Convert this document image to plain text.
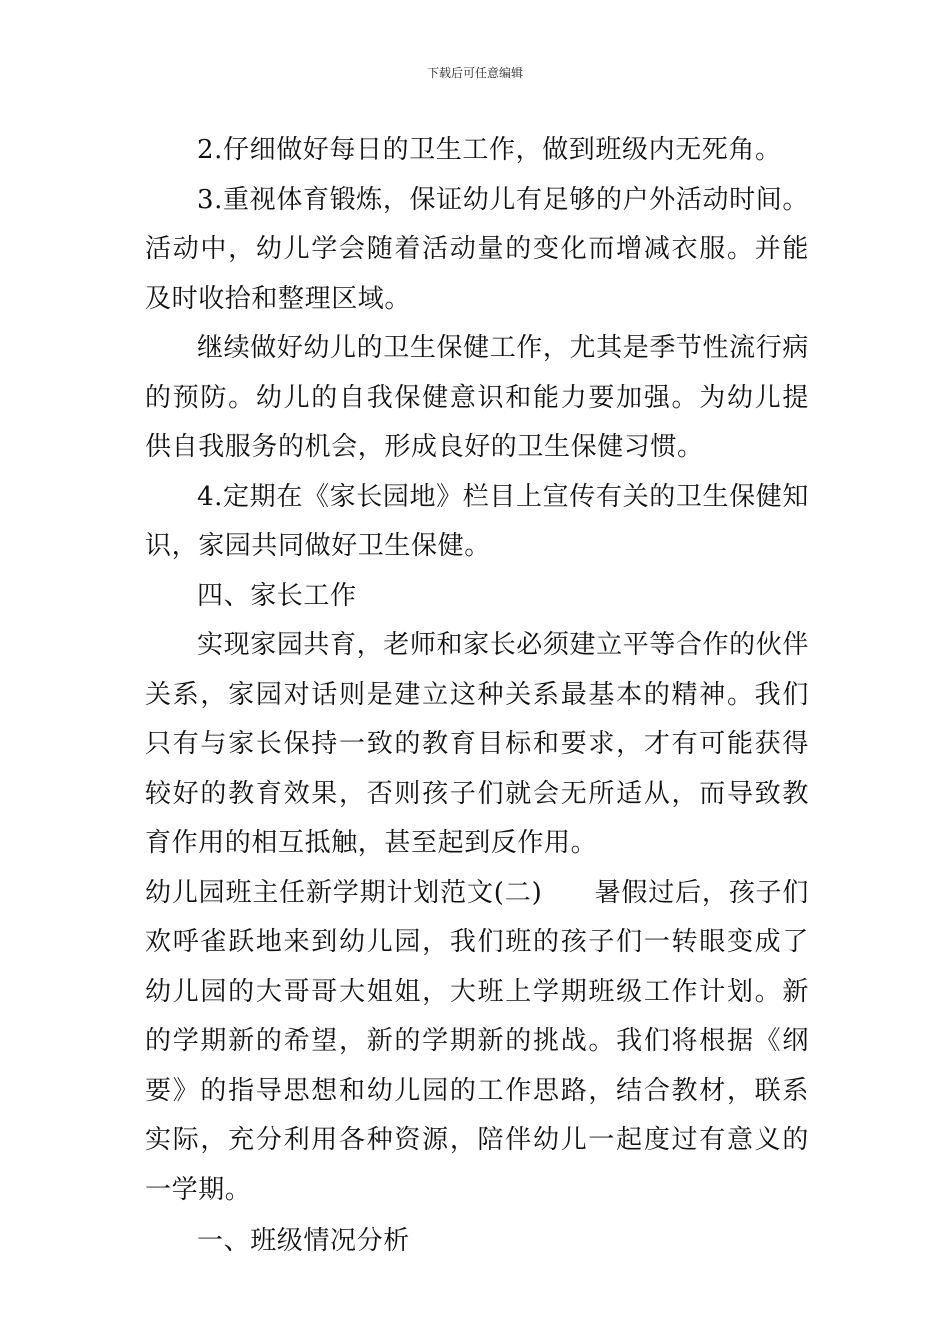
下载后可任意编辑

2.仔细做好每日的卫生工作，做到班级内无死角。

3.重视体育锻炼，保证幼儿有足够的户外活动时间。活动中，幼儿学会随着活动量的变化而增减衣服。并能及时收拾和整理区域。

继续做好幼儿的卫生保健工作，尤其是季节性流行病的预防。幼儿的自我保健意识和能力要加强。为幼儿提供自我服务的机会，形成良好的卫生保健习惯。

4.定期在《家长园地》栏目上宣传有关的卫生保健知识，家园共同做好卫生保健。

四、家长工作

实现家园共育，老师和家长必须建立平等合作的伙伴关系，家园对话则是建立这种关系最基本的精神。我们只有与家长保持一致的教育目标和要求，才有可能获得较好的教育效果，否则孩子们就会无所适从，而导致教育作用的相互抵触，甚至起到反作用。

幼儿园班主任新学期计划范文(二) 暑假过后，孩子们欢呼雀跃地来到幼儿园，我们班的孩子们一转眼变成了幼儿园的大哥哥大姐姐，大班上学期班级工作计划。新的学期新的希望，新的学期新的挑战。我们将根据《纲要》的指导思想和幼儿园的工作思路，结合教材，联系实际，充分利用各种资源，陪伴幼儿一起度过有意义的一学期。

一、班级情况分析
